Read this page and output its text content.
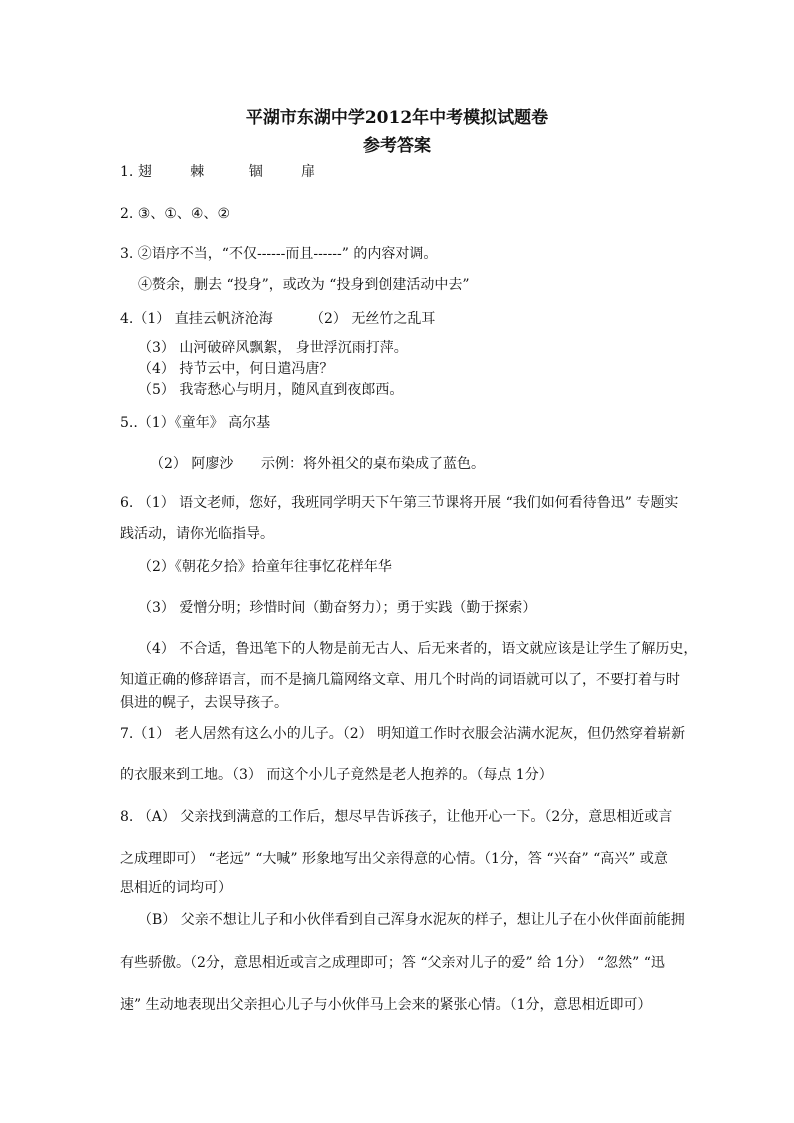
平湖市东湖中学2012年中考模拟试题卷
参考答案
1. 翅	棘	锢	扉
2. ③、①、④、②
3. ②语序不当，“不仅------而且------” 的内容对调。
④赘余，删去 “投身”，或改为 “投身到创建活动中去”
4.（1） 直挂云帆济沧海	（2） 无丝竹之乱耳
（3） 山河破碎风飘絮， 身世浮沉雨打萍。
（4） 持节云中，何日遣冯唐？
（5） 我寄愁心与明月，随风直到夜郎西。
5..（1）《童年》 高尔基
（2） 阿廖沙 示例：将外祖父的桌布染成了蓝色。
6. （1） 语文老师，您好，我班同学明天下午第三节课将开展 “我们如何看待鲁迅” 专题实
践活动，请你光临指导。
（2）《朝花夕拾》拾童年往事忆花样年华
（3） 爱憎分明；珍惜时间（勤奋努力）；勇于实践（勤于探索）
（4） 不合适，鲁迅笔下的人物是前无古人、后无来者的，语文就应该是让学生了解历史，
知道正确的修辞语言，而不是摘几篇网络文章、用几个时尚的词语就可以了，不要打着与时
俱进的幌子，去误导孩子。
7.（1） 老人居然有这么小的儿子。（2） 明知道工作时衣服会沾满水泥灰，但仍然穿着崭新
的衣服来到工地。（3） 而这个小儿子竟然是老人抱养的。（每点 1分）
8. （A） 父亲找到满意的工作后，想尽早告诉孩子，让他开心一下。（2分，意思相近或言
之成理即可） “老远” “大喊” 形象地写出父亲得意的心情。（1分，答 “兴奋” “高兴” 或意
思相近的词均可）
（B） 父亲不想让儿子和小伙伴看到自己浑身水泥灰的样子，想让儿子在小伙伴面前能拥
有些骄傲。（2分，意思相近或言之成理即可；答 “父亲对儿子的爱” 给 1分） “忽然” “迅
速” 生动地表现出父亲担心儿子与小伙伴马上会来的紧张心情。（1分，意思相近即可）
